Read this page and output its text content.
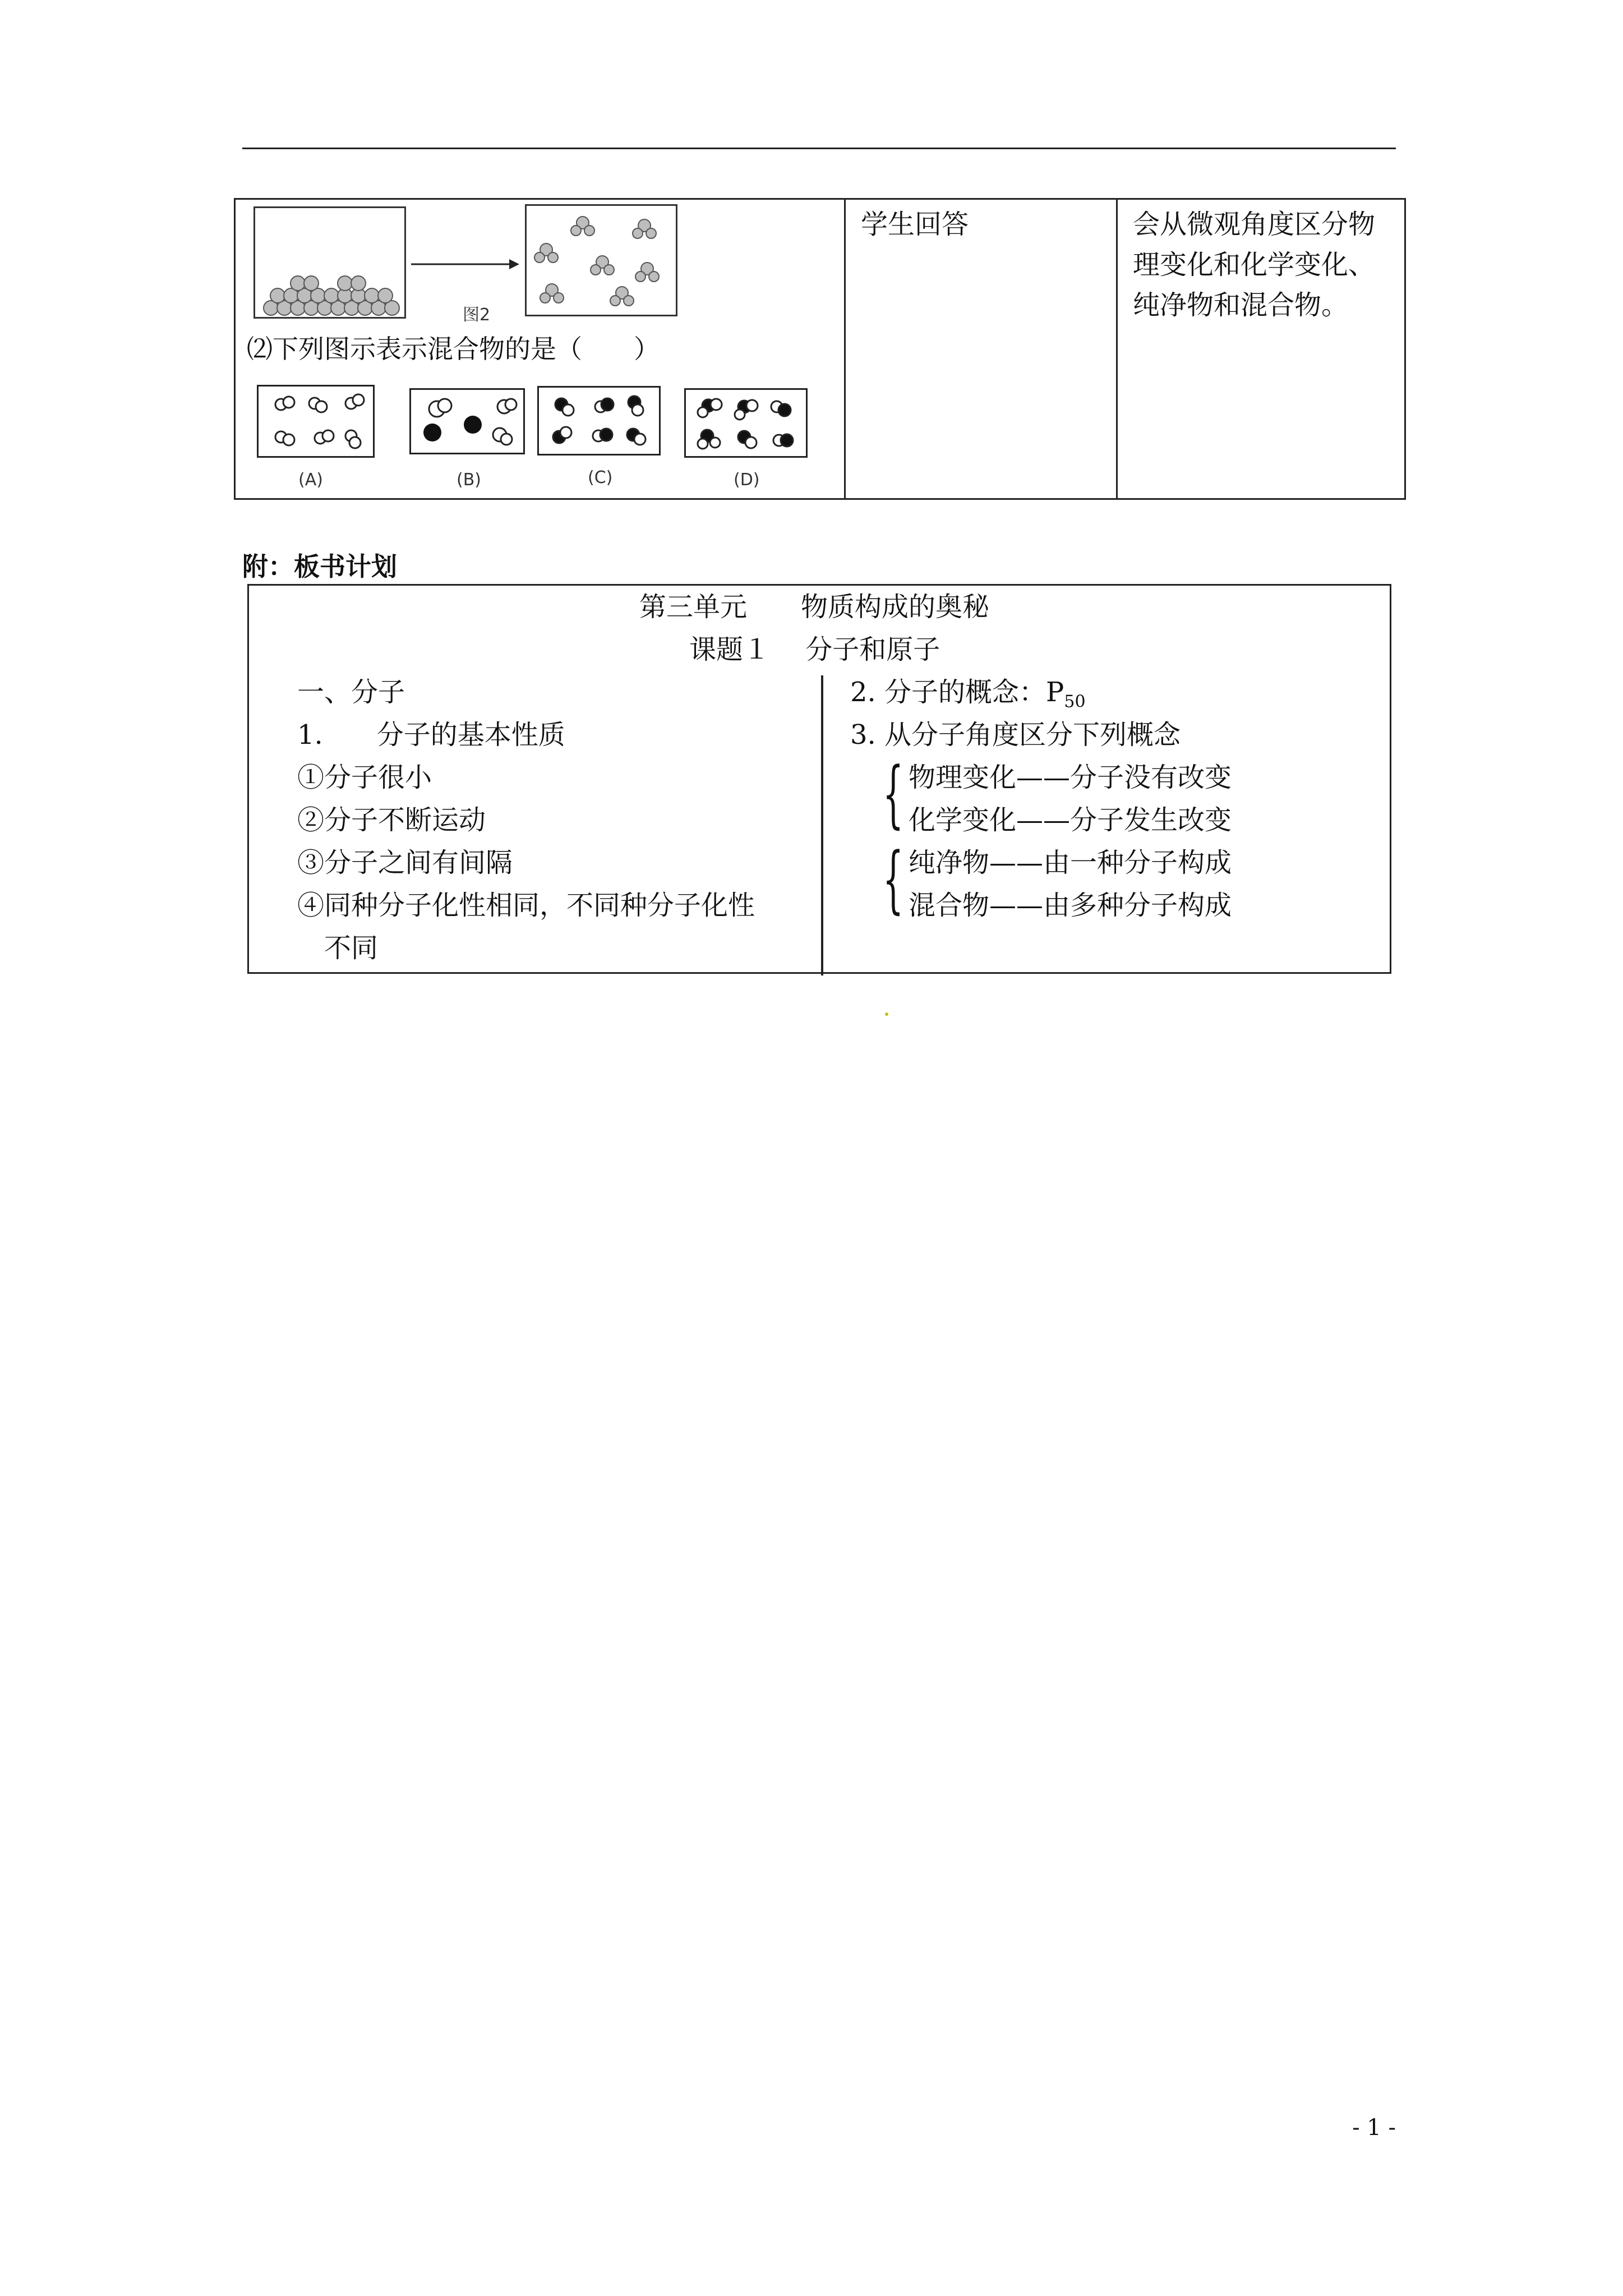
图2
⑵下列图示表示混合物的是（　　）
(A)	(B)	(C)	(D)
学生回答	会从微观角度区分物
理变化和化学变化、
纯净物和混合物。
附：板书计划
第三单元　　物质构成的奥秘
课题１　 分子和原子
一、分子
1.　　分子的基本性质
①分子很小
②分子不断运动
③分子之间有间隔
④同种分子化性相同，不同种分子化性
不同
2. 分子的概念：$P_{50}$
3. 从分子角度区分下列概念
{ 物理变化——分子没有改变
化学变化——分子发生改变
{ 纯净物——由一种分子构成
混合物——由多种分子构成
- 1 -
